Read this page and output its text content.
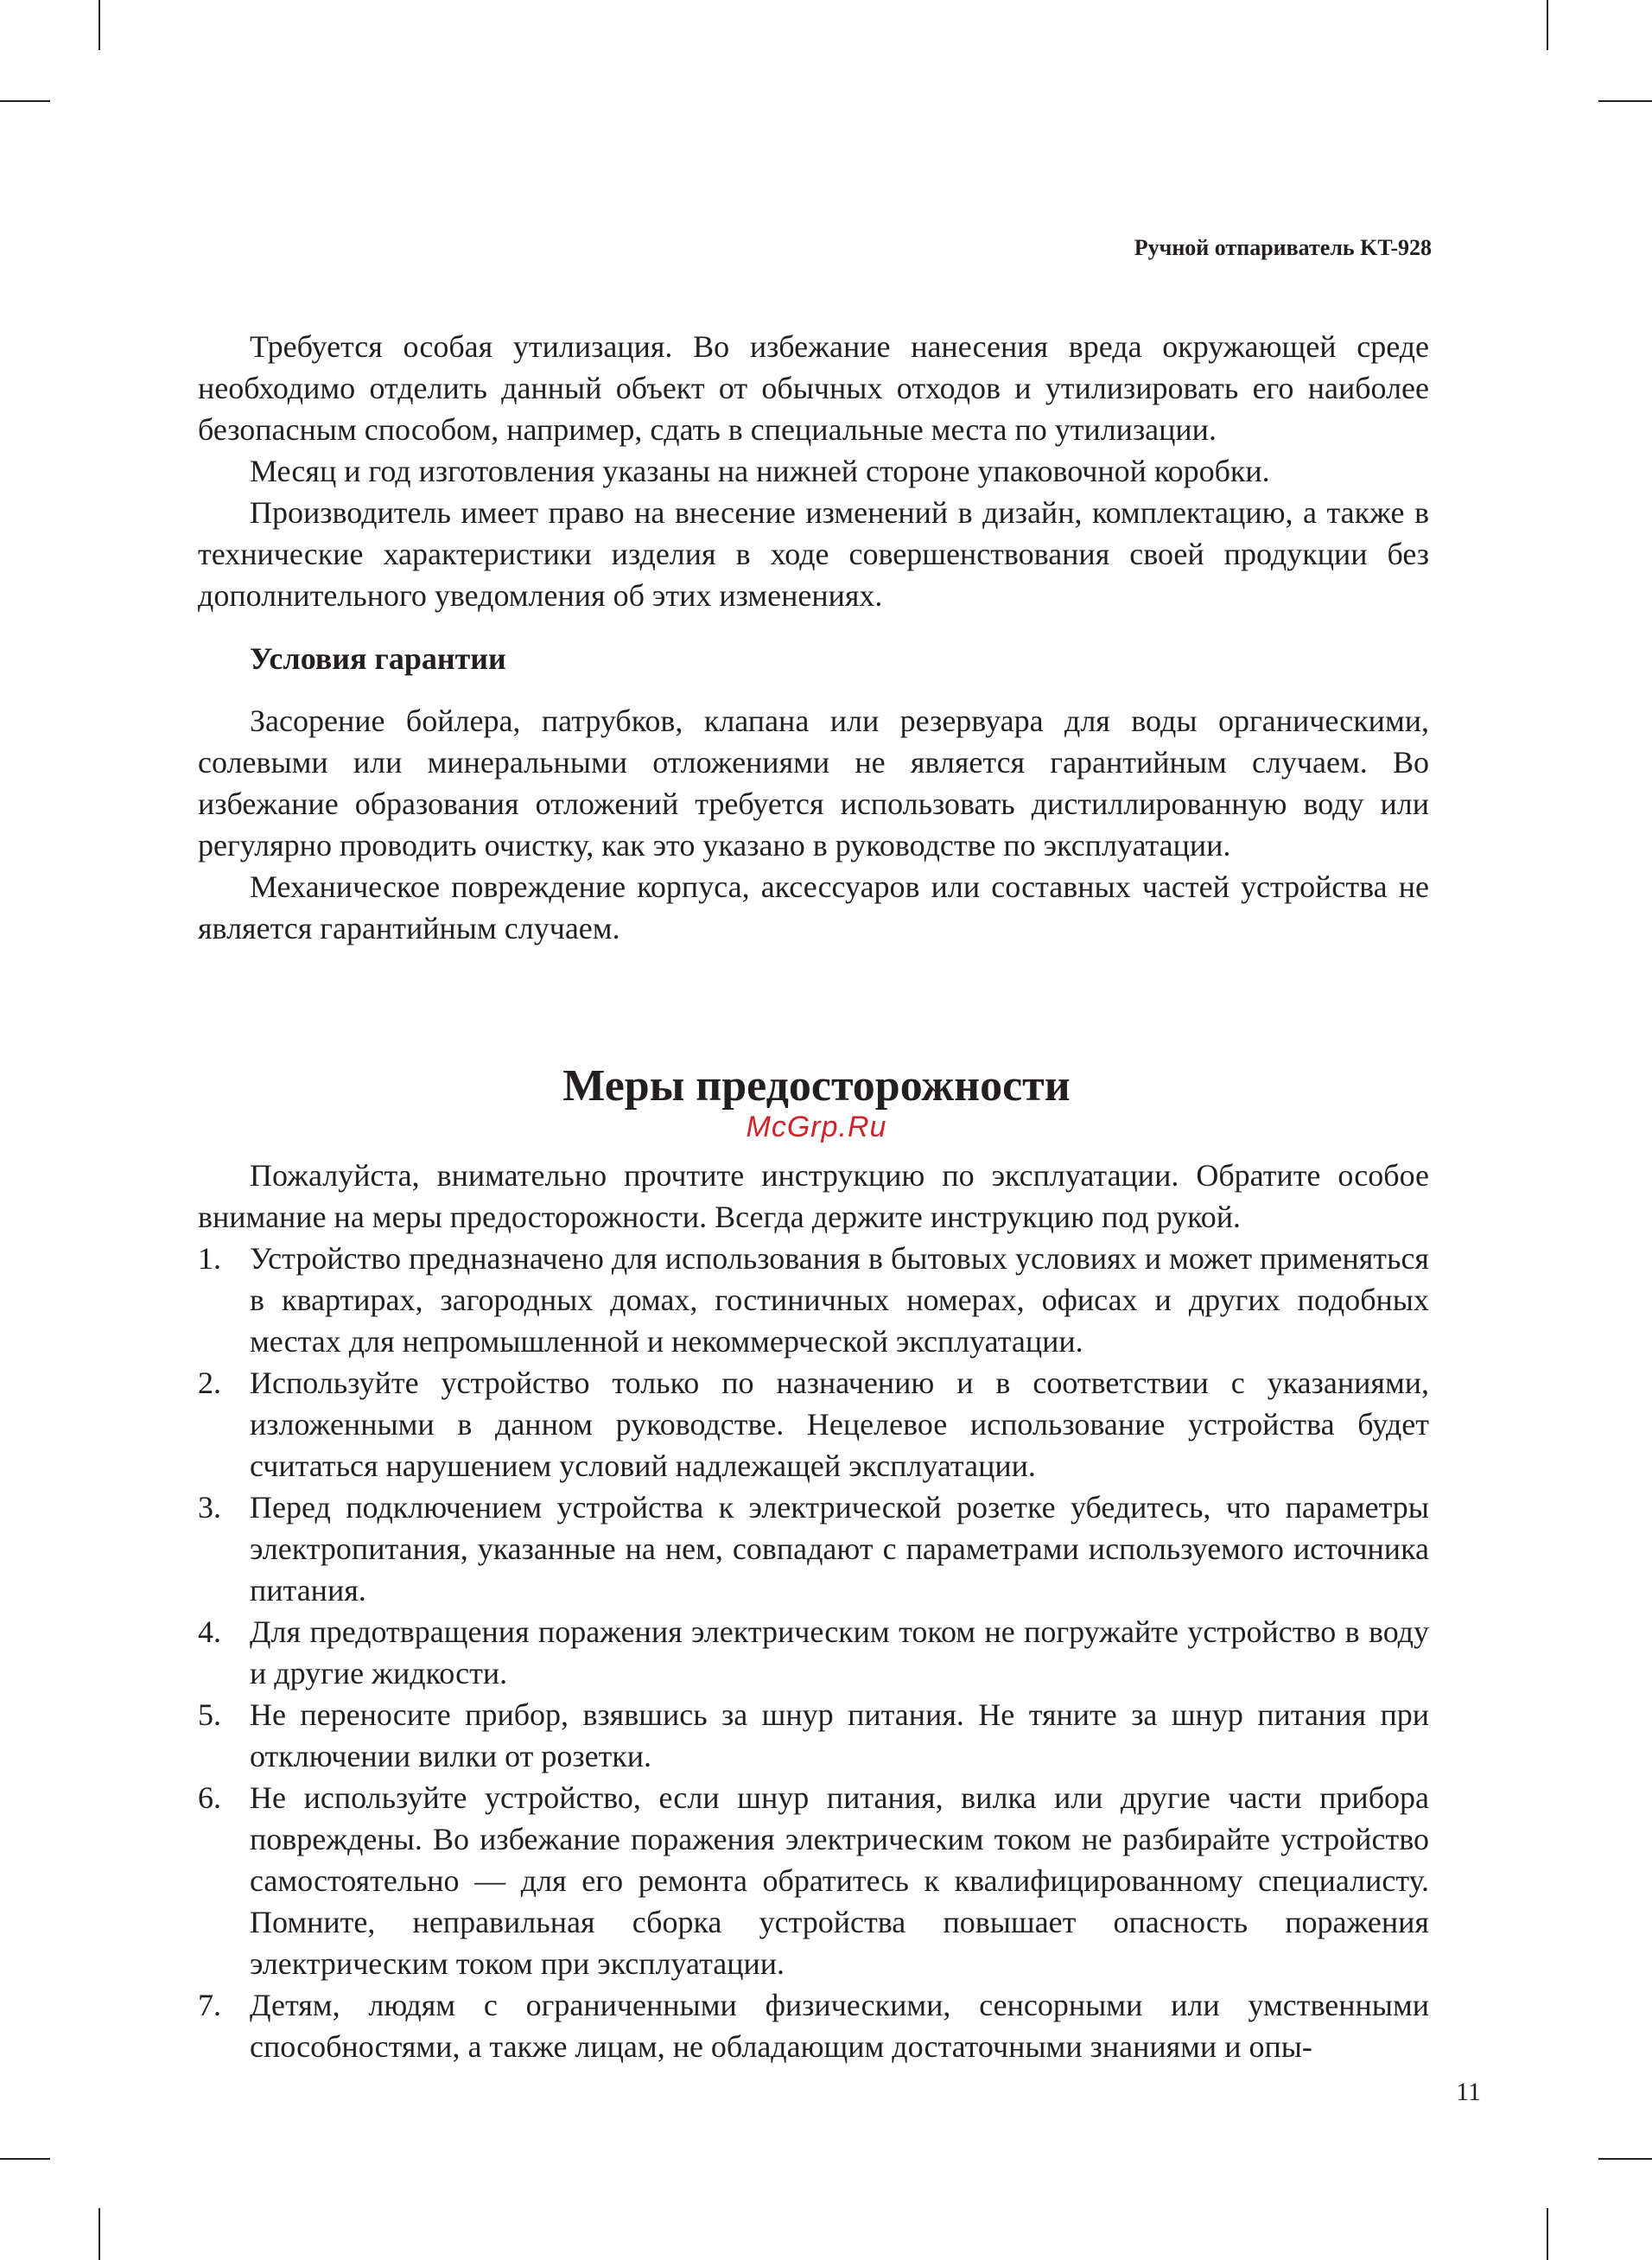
Ручной отпариватель KT-928

Требуется особая утилизация. Во избежание нанесения вреда окружающей среде необходимо отделить данный объект от обычных отходов и утилизировать его наиболее безопасным способом, например, сдать в специальные места по утилизации.

Месяц и год изготовления указаны на нижней стороне упаковочной коробки.

Производитель имеет право на внесение изменений в дизайн, комплектацию, а также в технические характеристики изделия в ходе совершенствования своей продукции без дополнительного уведомления об этих изменениях.

Условия гарантии

Засорение бойлера, патрубков, клапана или резервуара для воды органическими, солевыми или минеральными отложениями не является гарантийным случаем. Во избежание образования отложений требуется использовать дистиллированную воду или регулярно проводить очистку, как это указано в руководстве по эксплуатации.

Механическое повреждение корпуса, аксессуаров или составных частей устройства не является гарантийным случаем.

Меры предосторожности
McGrp.Ru

Пожалуйста, внимательно прочтите инструкцию по эксплуатации. Обратите особое внимание на меры предосторожности. Всегда держите инструкцию под рукой.

1. Устройство предназначено для использования в бытовых условиях и может применяться в квартирах, загородных домах, гостиничных номерах, офисах и других подобных местах для непромышленной и некоммерческой эксплуатации.
2. Используйте устройство только по назначению и в соответствии с указаниями, изложенными в данном руководстве. Нецелевое использование устройства будет считаться нарушением условий надлежащей эксплуатации.
3. Перед подключением устройства к электрической розетке убедитесь, что параметры электропитания, указанные на нем, совпадают с параметрами используемого источника питания.
4. Для предотвращения поражения электрическим током не погружайте устройство в воду и другие жидкости.
5. Не переносите прибор, взявшись за шнур питания. Не тяните за шнур питания при отключении вилки от розетки.
6. Не используйте устройство, если шнур питания, вилка или другие части прибора повреждены. Во избежание поражения электрическим током не разбирайте устройство самостоятельно — для его ремонта обратитесь к квалифицированному специалисту. Помните, неправильная сборка устройства повышает опасность поражения электрическим током при эксплуатации.
7. Детям, людям с ограниченными физическими, сенсорными или умственными способностями, а также лицам, не обладающим достаточными знаниями и опы-
11
